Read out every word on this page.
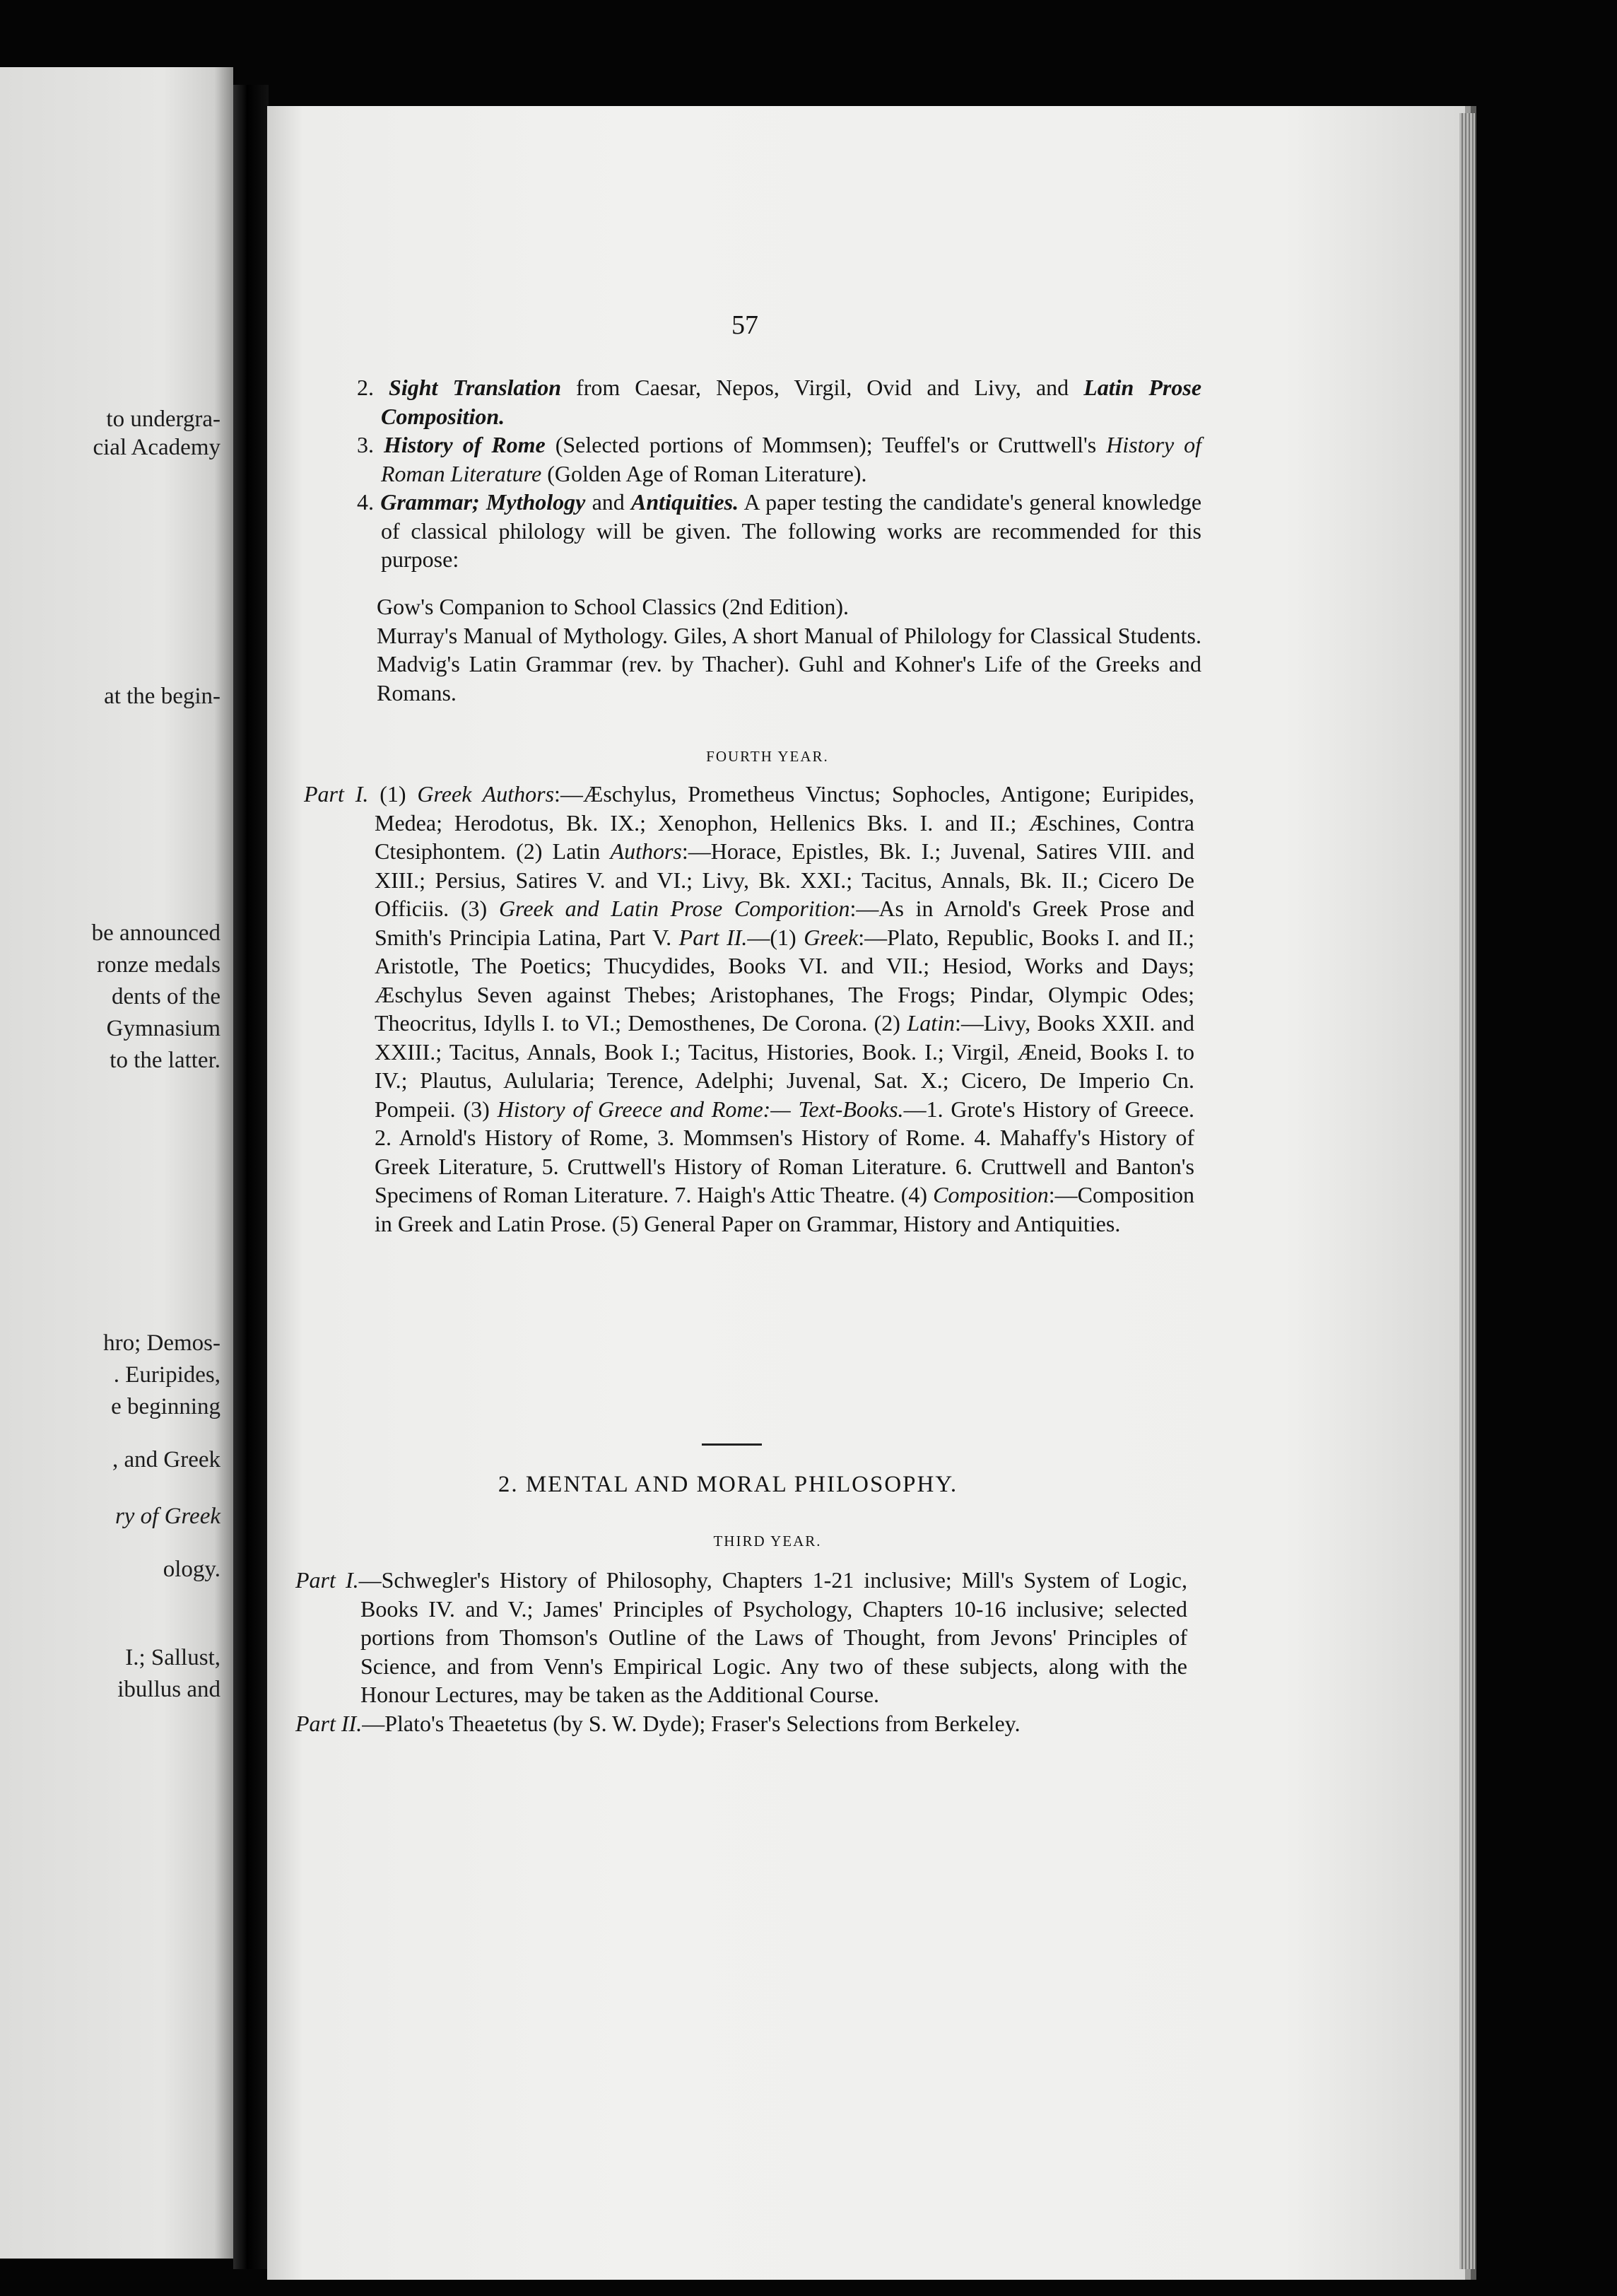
to undergra-
cial Academy
at the begin-
be announced
ronze medals
dents of the
Gymnasium
to the latter.
hro; Demos-
. Euripides,
e beginning
, and Greek
ry of Greek
ology.
I.; Sallust,
ibullus and
57

2. Sight Translation from Caesar, Nepos, Virgil, Ovid and Livy, and Latin Prose Composition.

3. History of Rome (Selected portions of Mommsen); Teuffel's or Cruttwell's History of Roman Literature (Golden Age of Roman Literature).

4. Grammar; Mythology and Antiquities. A paper testing the candidate's general knowledge of classical philology will be given. The following works are recommended for this purpose:

Gow's Companion to School Classics (2nd Edition).

Murray's Manual of Mythology. Giles, A short Manual of Philology for Classical Students. Madvig's Latin Grammar (rev. by Thacher). Guhl and Kohner's Life of the Greeks and Romans.

FOURTH YEAR.

Part I. (1) Greek Authors:—Æschylus, Prometheus Vinctus; Sophocles, Antigone; Euripides, Medea; Herodotus, Bk. IX.; Xenophon, Hellenics Bks. I. and II.; Æschines, Contra Ctesiphontem. (2) Latin Authors:—Horace, Epistles, Bk. I.; Juvenal, Satires VIII. and XIII.; Persius, Satires V. and VI.; Livy, Bk. XXI.; Tacitus, Annals, Bk. II.; Cicero De Officiis. (3) Greek and Latin Prose Comporition:—As in Arnold's Greek Prose and Smith's Principia Latina, Part V. Part II.—(1) Greek:—Plato, Republic, Books I. and II.; Aristotle, The Poetics; Thucydides, Books VI. and VII.; Hesiod, Works and Days; Æschylus Seven against Thebes; Aristophanes, The Frogs; Pindar, Olympic Odes; Theocritus, Idylls I. to VI.; Demosthenes, De Corona. (2) Latin:—Livy, Books XXII. and XXIII.; Tacitus, Annals, Book I.; Tacitus, Histories, Book. I.; Virgil, Æneid, Books I. to IV.; Plautus, Aulularia; Terence, Adelphi; Juvenal, Sat. X.; Cicero, De Imperio Cn. Pompeii. (3) History of Greece and Rome:— Text-Books.—1. Grote's History of Greece. 2. Arnold's History of Rome, 3. Mommsen's History of Rome. 4. Mahaffy's History of Greek Literature, 5. Cruttwell's History of Roman Literature. 6. Cruttwell and Banton's Specimens of Roman Literature. 7. Haigh's Attic Theatre. (4) Composition:—Composition in Greek and Latin Prose. (5) General Paper on Grammar, History and Antiquities.

2. MENTAL AND MORAL PHILOSOPHY.
THIRD YEAR.

Part I.—Schwegler's History of Philosophy, Chapters 1-21 inclusive; Mill's System of Logic, Books IV. and V.; James' Principles of Psychology, Chapters 10-16 inclusive; selected portions from Thomson's Outline of the Laws of Thought, from Jevons' Principles of Science, and from Venn's Empirical Logic. Any two of these subjects, along with the Honour Lectures, may be taken as the Additional Course.

Part II.—Plato's Theaetetus (by S. W. Dyde); Fraser's Selections from Berkeley.
